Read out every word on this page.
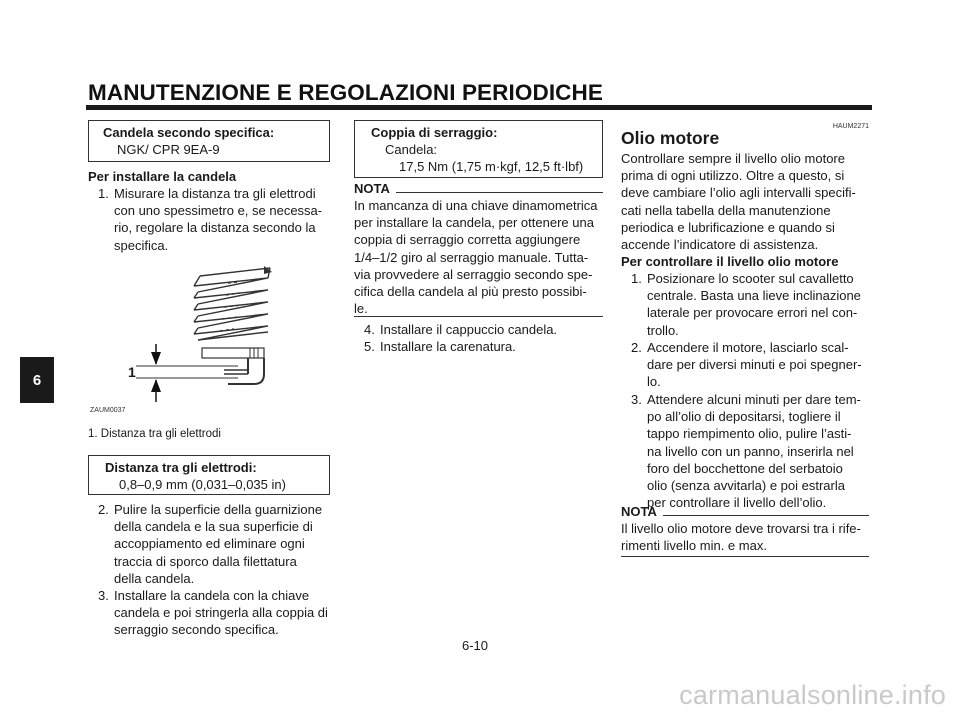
MANUTENZIONE E REGOLAZIONI PERIODICHE
6
Candela secondo specifica:
NGK/ CPR 9EA-9
Per installare la candela
1. Misurare la distanza tra gli elettrodi
con uno spessimetro e, se necessa-
rio, regolare la distanza secondo la
specifica.
1
ZAUM0037
1. Distanza tra gli elettrodi
Distanza tra gli elettrodi:
0,8–0,9 mm (0,031–0,035 in)
2. Pulire la superficie della guarnizione
della candela e la sua superficie di
accoppiamento ed eliminare ogni
traccia di sporco dalla filettatura
della candela.
3. Installare la candela con la chiave
candela e poi stringerla alla coppia di
serraggio secondo specifica.
Coppia di serraggio:
Candela:
17,5 Nm (1,75 m·kgf, 12,5 ft·lbf)
NOTA
In mancanza di una chiave dinamometrica
per installare la candela, per ottenere una
coppia di serraggio corretta aggiungere
1/4–1/2 giro al serraggio manuale. Tutta-
via provvedere al serraggio secondo spe-
cifica della candela al più presto possibi-
le.
4. Installare il cappuccio candela.
5. Installare la carenatura.
HAUM2271
Olio motore
Controllare sempre il livello olio motore
prima di ogni utilizzo. Oltre a questo, si
deve cambiare l’olio agli intervalli specifi-
cati nella tabella della manutenzione
periodica e lubrificazione e quando si
accende l’indicatore di assistenza.
Per controllare il livello olio motore
1. Posizionare lo scooter sul cavalletto
centrale. Basta una lieve inclinazione
laterale per provocare errori nel con-
trollo.
2. Accendere il motore, lasciarlo scal-
dare per diversi minuti e poi spegner-
lo.
3. Attendere alcuni minuti per dare tem-
po all’olio di depositarsi, togliere il
tappo riempimento olio, pulire l’asti-
na livello con un panno, inserirla nel
foro del bocchettone del serbatoio
olio (senza avvitarla) e poi estrarla
per controllare il livello dell’olio.
NOTA
Il livello olio motore deve trovarsi tra i rife-
rimenti livello min. e max.
6-10
carmanualsonline.info
